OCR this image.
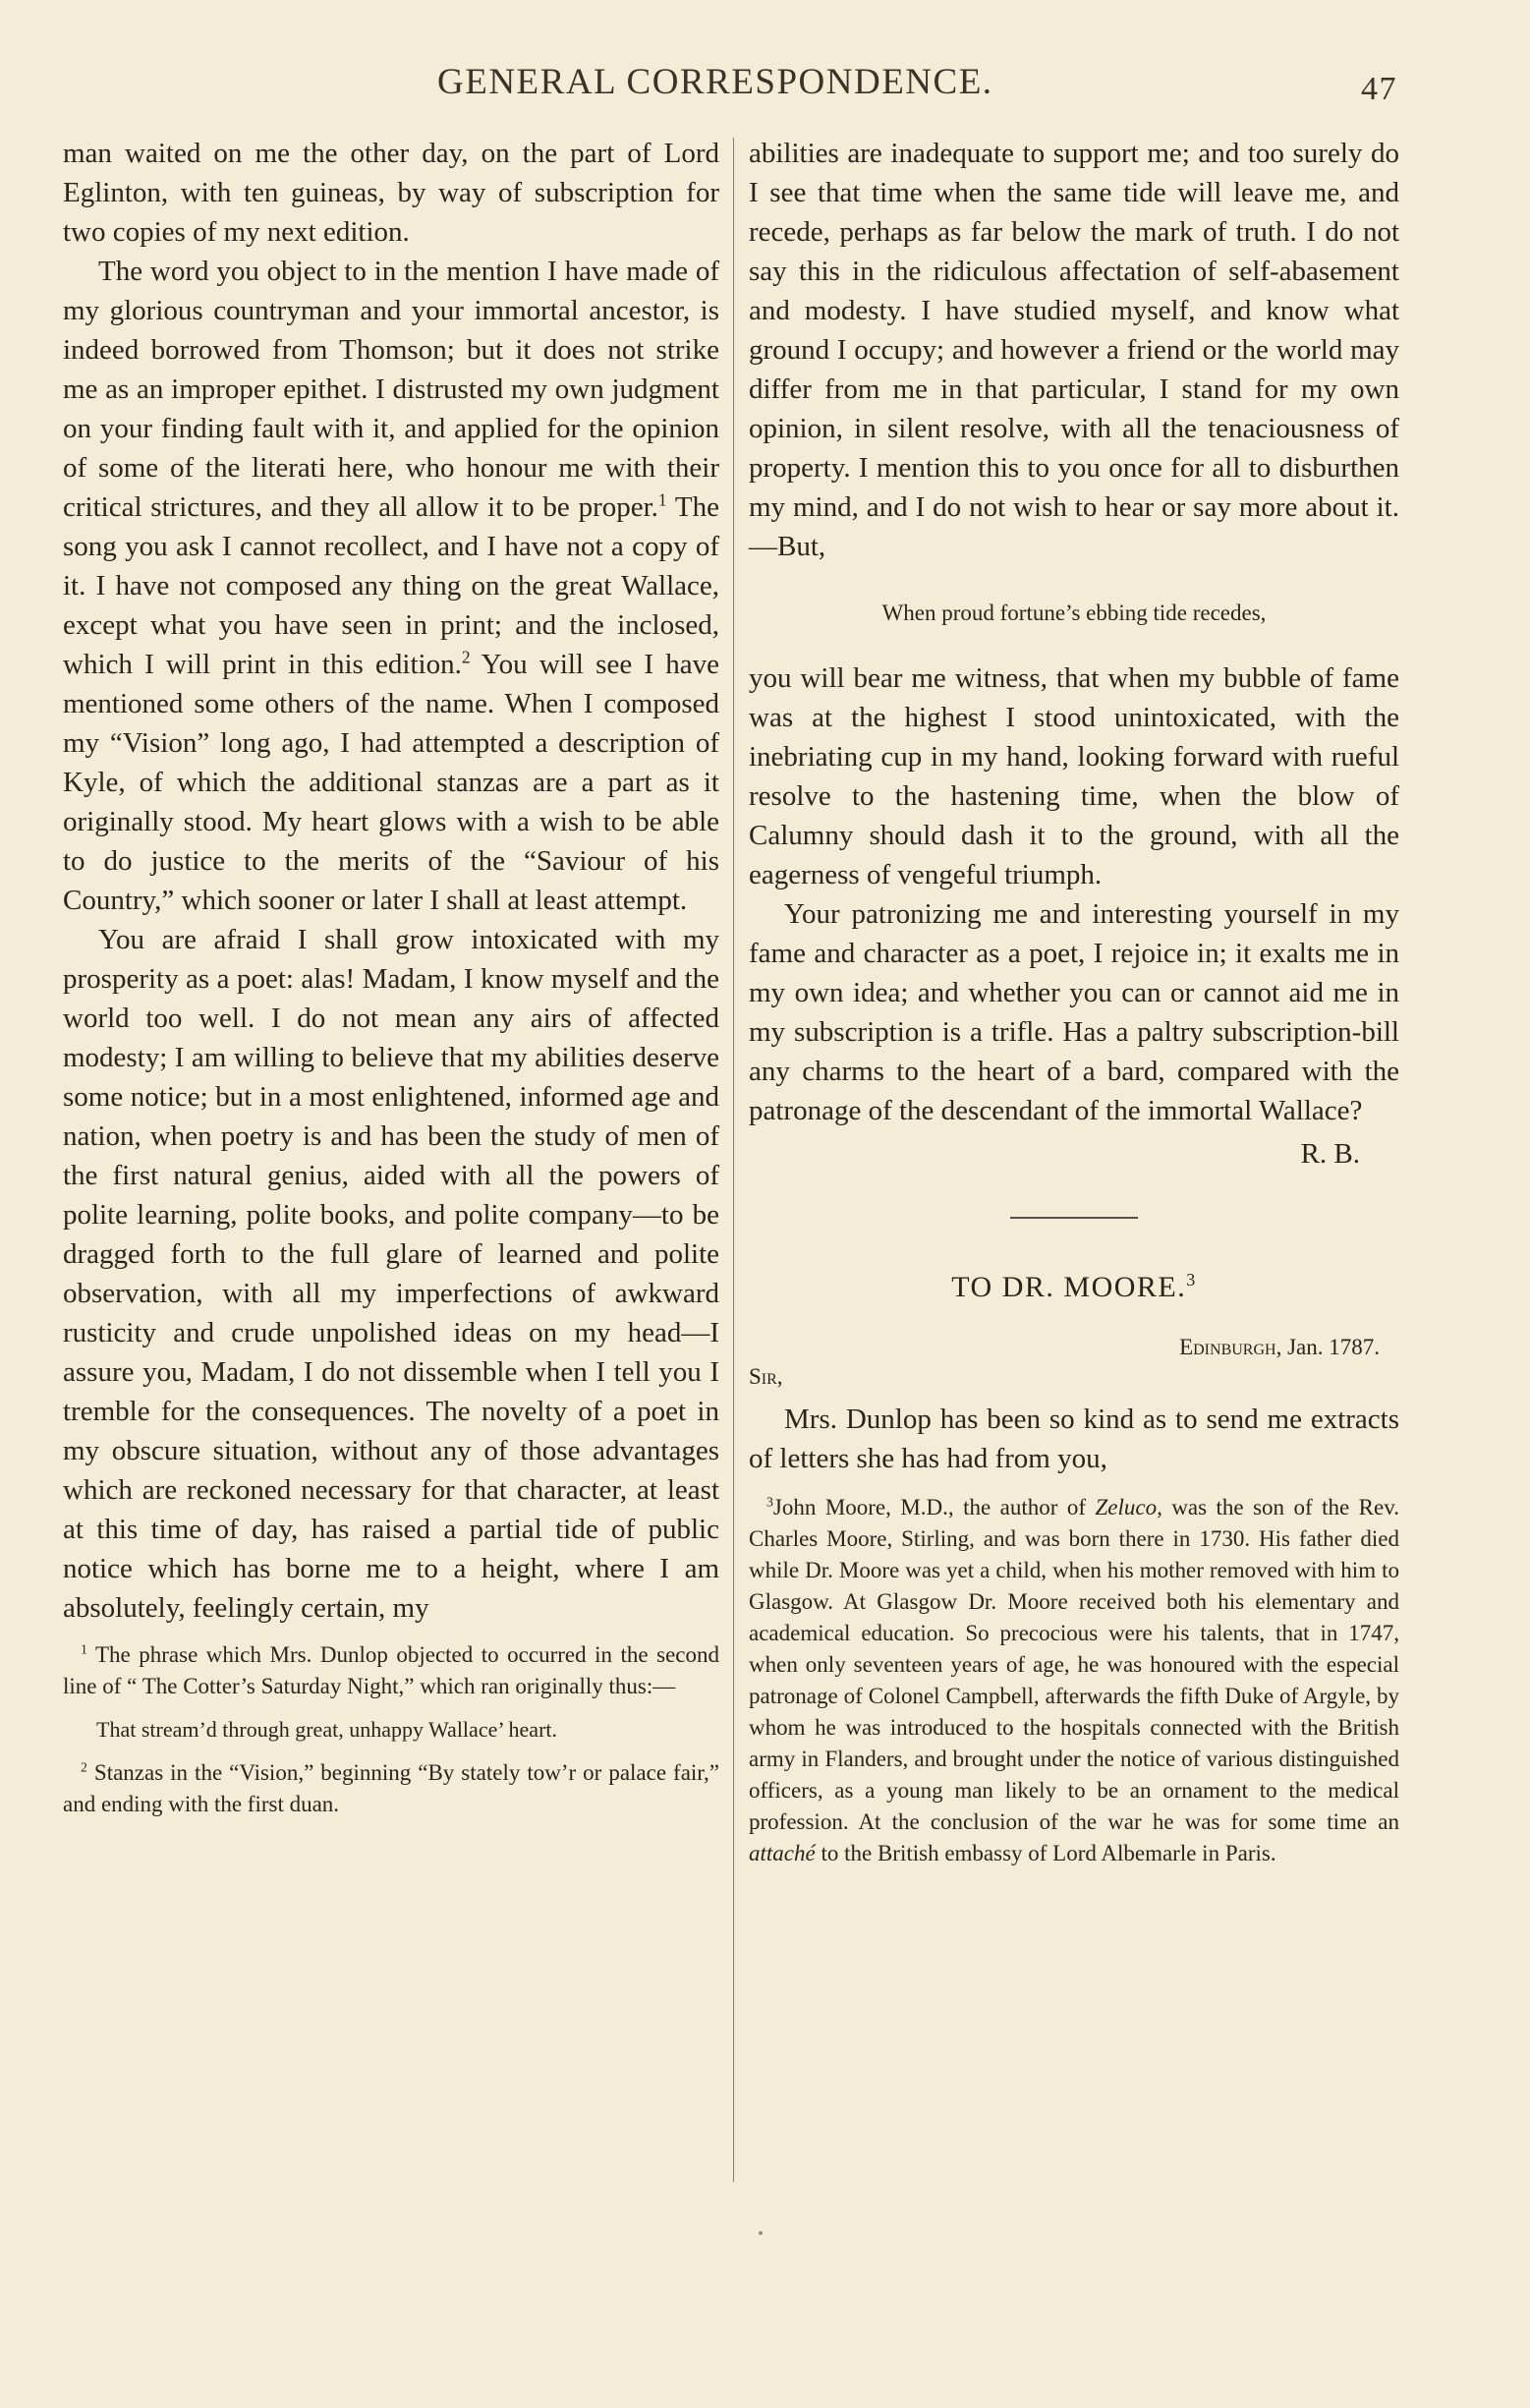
GENERAL CORRESPONDENCE.	47

man waited on me the other day, on the part of Lord Eglinton, with ten guineas, by way of subscription for two copies of my next edition.

The word you object to in the mention I have made of my glorious countryman and your immortal ancestor, is indeed borrowed from Thomson; but it does not strike me as an improper epithet. I distrusted my own judgment on your finding fault with it, and applied for the opinion of some of the literati here, who honour me with their critical strictures, and they all allow it to be proper.$^1$ The song you ask I cannot recollect, and I have not a copy of it. I have not composed any thing on the great Wallace, except what you have seen in print; and the inclosed, which I will print in this edition.$^2$ You will see I have mentioned some others of the name. When I composed my “Vision” long ago, I had attempted a description of Kyle, of which the additional stanzas are a part as it originally stood. My heart glows with a wish to be able to do justice to the merits of the “Saviour of his Country,” which sooner or later I shall at least attempt.

You are afraid I shall grow intoxicated with my prosperity as a poet: alas! Madam, I know myself and the world too well. I do not mean any airs of affected modesty; I am willing to believe that my abilities deserve some notice; but in a most enlightened, informed age and nation, when poetry is and has been the study of men of the first natural genius, aided with all the powers of polite learning, polite books, and polite company—to be dragged forth to the full glare of learned and polite observation, with all my imperfections of awkward rusticity and crude unpolished ideas on my head—I assure you, Madam, I do not dissemble when I tell you I tremble for the consequences. The novelty of a poet in my obscure situation, without any of those advantages which are reckoned necessary for that character, at least at this time of day, has raised a partial tide of public notice which has borne me to a height, where I am absolutely, feelingly certain, my

$^1$ The phrase which Mrs. Dunlop objected to occurred in the second line of “ The Cotter’s Saturday Night,” which ran originally thus:—

That stream’d through great, unhappy Wallace’ heart.

$^2$ Stanzas in the “Vision,” beginning “By stately tow’r or palace fair,” and ending with the first duan.

abilities are inadequate to support me; and too surely do I see that time when the same tide will leave me, and recede, perhaps as far below the mark of truth. I do not say this in the ridiculous affectation of self-abasement and modesty. I have studied myself, and know what ground I occupy; and however a friend or the world may differ from me in that particular, I stand for my own opinion, in silent resolve, with all the tenaciousness of property. I mention this to you once for all to disburthen my mind, and I do not wish to hear or say more about it.—But,

When proud fortune’s ebbing tide recedes,

you will bear me witness, that when my bubble of fame was at the highest I stood unintoxicated, with the inebriating cup in my hand, looking forward with rueful resolve to the hastening time, when the blow of Calumny should dash it to the ground, with all the eagerness of vengeful triumph.

Your patronizing me and interesting yourself in my fame and character as a poet, I rejoice in; it exalts me in my own idea; and whether you can or cannot aid me in my subscription is a trifle. Has a paltry subscription-bill any charms to the heart of a bard, compared with the patronage of the descendant of the immortal Wallace?

R. B.
TO DR. MOORE.$^3$
Edinburgh, Jan. 1787.
Sir,

Mrs. Dunlop has been so kind as to send me extracts of letters she has had from you,

$^3$John Moore, M.D., the author of Zeluco, was the son of the Rev. Charles Moore, Stirling, and was born there in 1730. His father died while Dr. Moore was yet a child, when his mother removed with him to Glasgow. At Glasgow Dr. Moore received both his elementary and academical education. So precocious were his talents, that in 1747, when only seventeen years of age, he was honoured with the especial patronage of Colonel Campbell, afterwards the fifth Duke of Argyle, by whom he was introduced to the hospitals connected with the British army in Flanders, and brought under the notice of various distinguished officers, as a young man likely to be an ornament to the medical profession. At the conclusion of the war he was for some time an attaché to the British embassy of Lord Albemarle in Paris.
